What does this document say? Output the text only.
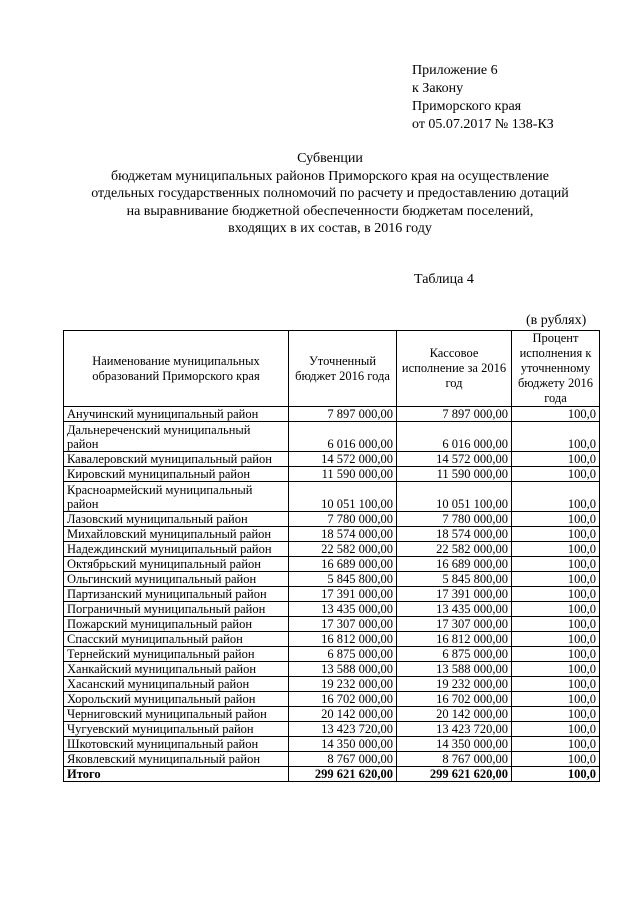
Приложение 6
к Закону
Приморского края
от 05.07.2017 № 138-КЗ
Субвенции
бюджетам муниципальных районов Приморского края на осуществление
отдельных государственных полномочий по расчету и предоставлению дотаций
на выравнивание бюджетной обеспеченности бюджетам поселений,
входящих в их состав, в 2016 году
Таблица 4
(в рублях)
Наименование муниципальных образований Приморского края	Уточненный бюджет 2016 года	Кассовое исполнение за 2016 год	Процент исполнения к уточненному бюджету 2016 года
Анучинский муниципальный район	7 897 000,00	7 897 000,00	100,0
Дальнереченский муниципальный район	6 016 000,00	6 016 000,00	100,0
Кавалеровский муниципальный район	14 572 000,00	14 572 000,00	100,0
Кировский муниципальный район	11 590 000,00	11 590 000,00	100,0
Красноармейский муниципальный район	10 051 100,00	10 051 100,00	100,0
Лазовский муниципальный район	7 780 000,00	7 780 000,00	100,0
Михайловский муниципальный район	18 574 000,00	18 574 000,00	100,0
Надеждинский муниципальный район	22 582 000,00	22 582 000,00	100,0
Октябрьский муниципальный район	16 689 000,00	16 689 000,00	100,0
Ольгинский муниципальный район	5 845 800,00	5 845 800,00	100,0
Партизанский муниципальный район	17 391 000,00	17 391 000,00	100,0
Пограничный муниципальный район	13 435 000,00	13 435 000,00	100,0
Пожарский муниципальный район	17 307 000,00	17 307 000,00	100,0
Спасский муниципальный район	16 812 000,00	16 812 000,00	100,0
Тернейский муниципальный район	6 875 000,00	6 875 000,00	100,0
Ханкайский муниципальный район	13 588 000,00	13 588 000,00	100,0
Хасанский муниципальный район	19 232 000,00	19 232 000,00	100,0
Хорольский муниципальный район	16 702 000,00	16 702 000,00	100,0
Черниговский муниципальный район	20 142 000,00	20 142 000,00	100,0
Чугуевский муниципальный район	13 423 720,00	13 423 720,00	100,0
Шкотовский муниципальный район	14 350 000,00	14 350 000,00	100,0
Яковлевский муниципальный район	8 767 000,00	8 767 000,00	100,0
Итого	299 621 620,00	299 621 620,00	100,0
